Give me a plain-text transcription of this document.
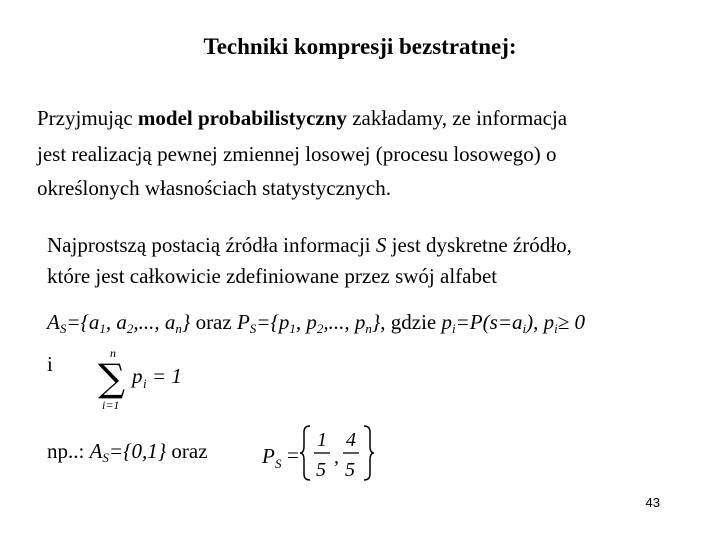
Techniki kompresji bezstratnej:
Przyjmując model probabilistyczny zakładamy, ze informacja
jest realizacją pewnej zmiennej losowej (procesu losowego) o
określonych własnościach statystycznych.
Najprostszą postacią źródła informacji S jest dyskretne źródło,
które jest całkowicie zdefiniowane przez swój alfabet
$A_S=\{a_1$, $a_2$,..., $a_n$} oraz $P_S=\{p_1$, $p_2$,..., $p_n$}, gdzie $p_i=P(s=a_i)$, $p_i\ge 0$
i	n
∑
i=1
p i = 1
np..: $A_S=\{0,1\}$ oraz	P S =
1
5
,
4
5
43
